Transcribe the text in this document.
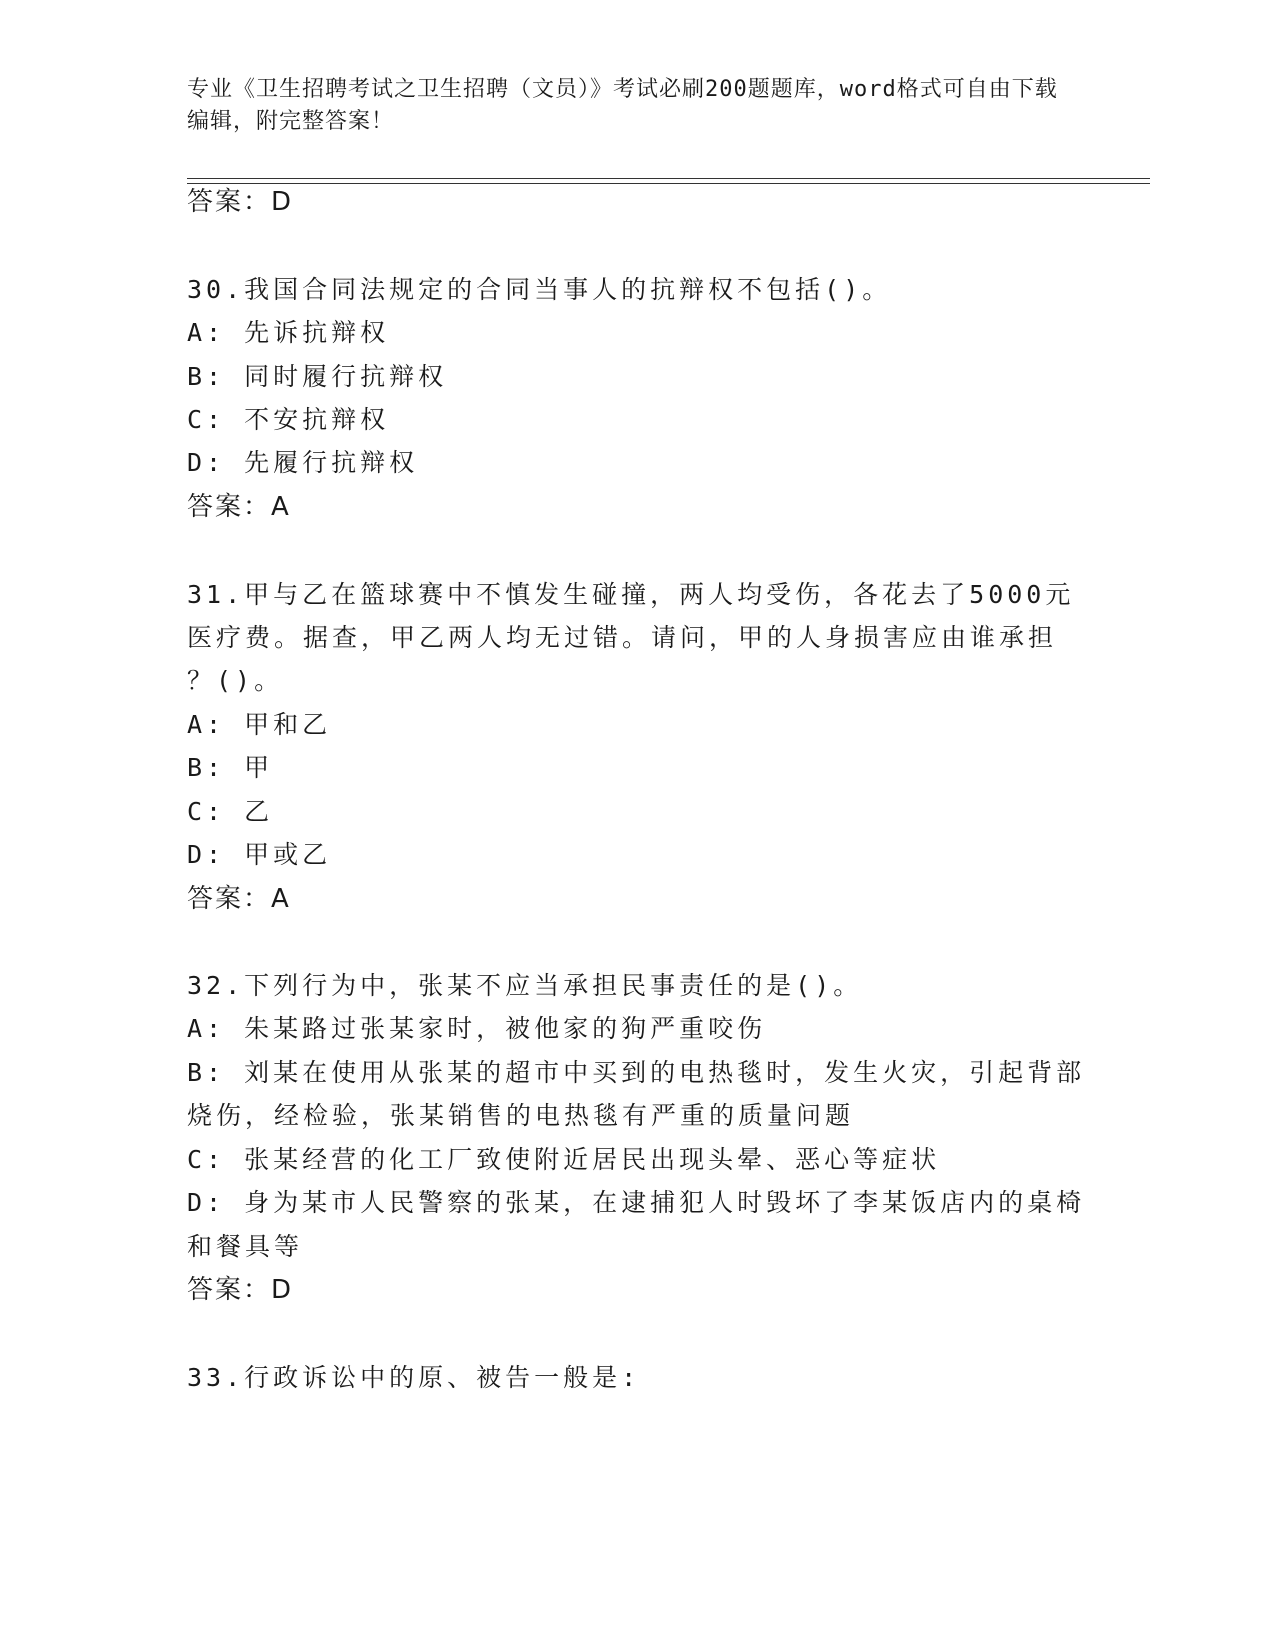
专业《卫生招聘考试之卫生招聘（文员）》考试必刷200题题库，word格式可自由下载编辑，附完整答案！
答案：D
30.我国合同法规定的合同当事人的抗辩权不包括()。
A: 先诉抗辩权
B: 同时履行抗辩权
C: 不安抗辩权
D: 先履行抗辩权
答案：A
31.甲与乙在篮球赛中不慎发生碰撞，两人均受伤，各花去了5000元
医疗费。据查，甲乙两人均无过错。请问，甲的人身损害应由谁承担
？()。
A: 甲和乙
B: 甲
C: 乙
D: 甲或乙
答案：A
32.下列行为中，张某不应当承担民事责任的是()。
A: 朱某路过张某家时，被他家的狗严重咬伤
B: 刘某在使用从张某的超市中买到的电热毯时，发生火灾，引起背部
烧伤，经检验，张某销售的电热毯有严重的质量问题
C: 张某经营的化工厂致使附近居民出现头晕、恶心等症状
D: 身为某市人民警察的张某，在逮捕犯人时毁坏了李某饭店内的桌椅
和餐具等
答案：D
33.行政诉讼中的原、被告一般是:
